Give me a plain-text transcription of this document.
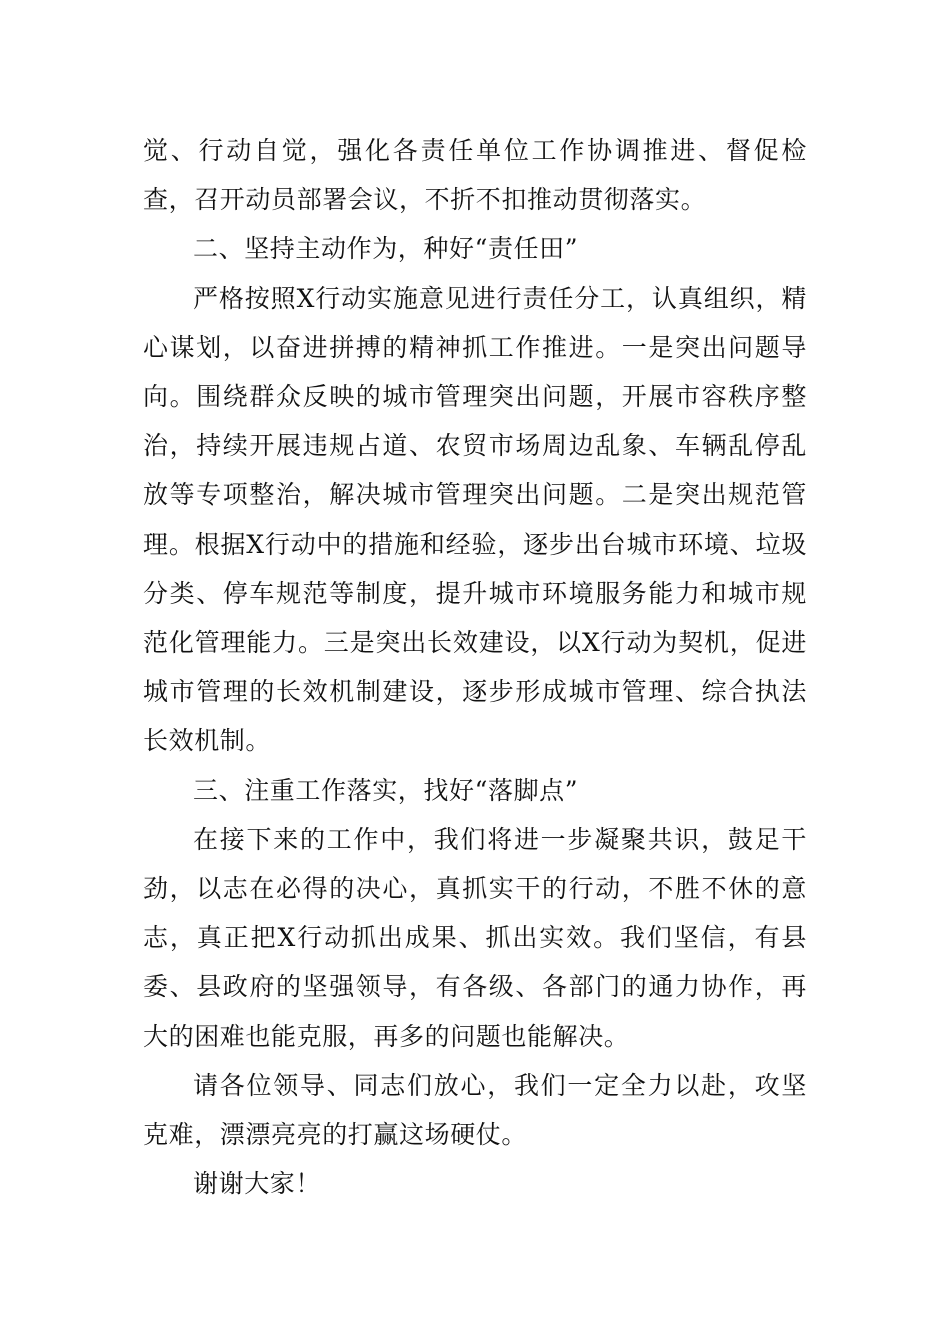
觉、行动自觉，强化各责任单位工作协调推进、督促检查，召开动员部署会议，不折不扣推动贯彻落实。

二、坚持主动作为，种好“责任田”

严格按照X行动实施意见进行责任分工，认真组织，精心谋划，以奋进拼搏的精神抓工作推进。一是突出问题导向。围绕群众反映的城市管理突出问题，开展市容秩序整治，持续开展违规占道、农贸市场周边乱象、车辆乱停乱放等专项整治，解决城市管理突出问题。二是突出规范管理。根据X行动中的措施和经验，逐步出台城市环境、垃圾分类、停车规范等制度，提升城市环境服务能力和城市规范化管理能力。三是突出长效建设，以X行动为契机，促进城市管理的长效机制建设，逐步形成城市管理、综合执法长效机制。

三、注重工作落实，找好“落脚点”

在接下来的工作中，我们将进一步凝聚共识，鼓足干劲，以志在必得的决心，真抓实干的行动，不胜不休的意志，真正把X行动抓出成果、抓出实效。我们坚信，有县委、县政府的坚强领导，有各级、各部门的通力协作，再大的困难也能克服，再多的问题也能解决。

请各位领导、同志们放心，我们一定全力以赴，攻坚克难，漂漂亮亮的打赢这场硬仗。

谢谢大家！
